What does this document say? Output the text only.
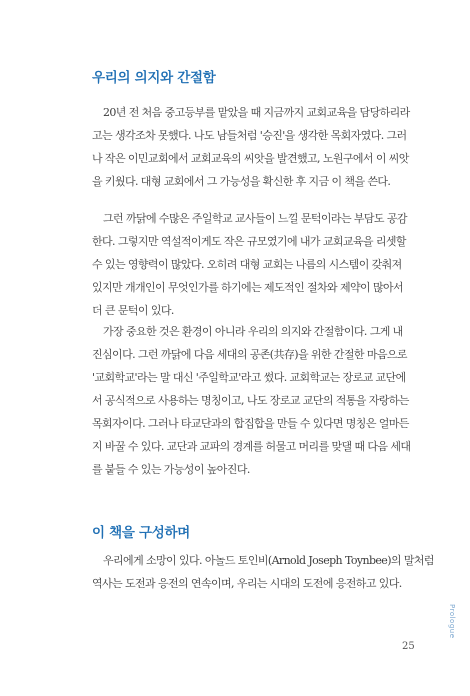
우리의 의지와 간절함
20년 전 처음 중고등부를 맡았을 때 지금까지 교회교육을 담당하리라
고는 생각조차 못했다. 나도 남들처럼 '승진'을 생각한 목회자였다. 그러
나 작은 이민교회에서 교회교육의 씨앗을 발견했고, 노원구에서 이 씨앗
을 키웠다. 대형 교회에서 그 가능성을 확신한 후 지금 이 책을 쓴다.
그런 까닭에 수많은 주일학교 교사들이 느낄 문턱이라는 부담도 공감
한다. 그렇지만 역설적이게도 작은 규모였기에 내가 교회교육을 리셋할
수 있는 영향력이 많았다. 오히려 대형 교회는 나름의 시스템이 갖춰져
있지만 개개인이 무엇인가를 하기에는 제도적인 절차와 제약이 많아서
더 큰 문턱이 있다.
가장 중요한 것은 환경이 아니라 우리의 의지와 간절함이다. 그게 내
진심이다. 그런 까닭에 다음 세대의 공존(共存)을 위한 간절한 마음으로
'교회학교'라는 말 대신 '주일학교'라고 썼다. 교회학교는 장로교 교단에
서 공식적으로 사용하는 명칭이고, 나도 장로교 교단의 적통을 자랑하는
목회자이다. 그러나 타교단과의 합집합을 만들 수 있다면 명칭은 얼마든
지 바꿀 수 있다. 교단과 교파의 경계를 허물고 머리를 맞댈 때 다음 세대
를 붙들 수 있는 가능성이 높아진다.
이 책을 구성하며
우리에게 소망이 있다. 아놀드 토인비(Arnold Joseph Toynbee)의 말처럼
역사는 도전과 응전의 연속이며, 우리는 시대의 도전에 응전하고 있다.
Prologue
25
